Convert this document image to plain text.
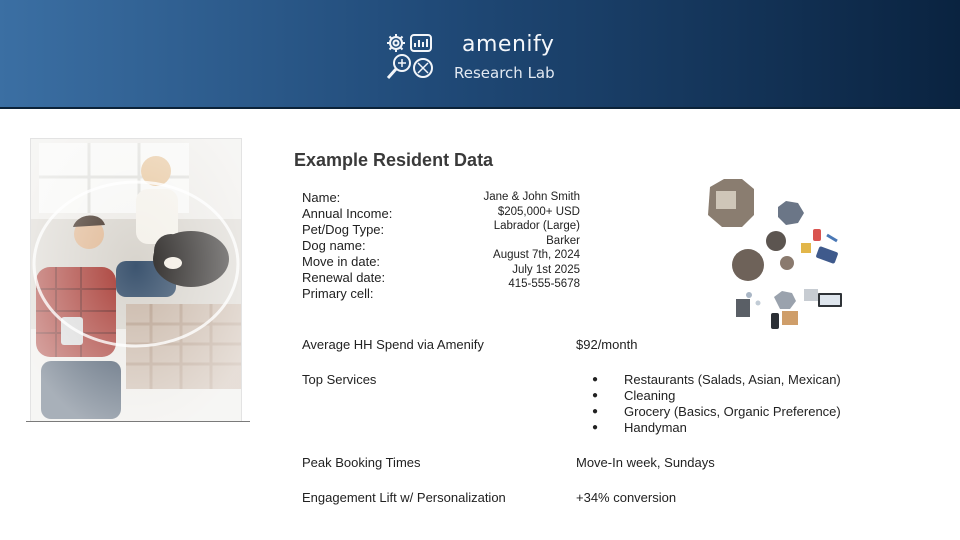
amenify
Research Lab
Example Resident Data
Name:
Annual Income:
Pet/Dog Type:
Dog name:
Move in date:
Renewal date:
Primary cell:
Jane & John Smith
$205,000+ USD
Labrador (Large)
Barker
August 7th, 2024
July 1st 2025
415-555-5678
Average HH Spend via Amenify	$92/month
Top Services
●	Restaurants (Salads, Asian, Mexican)
● Cleaning
● Grocery (Basics, Organic Preference)
● Handyman
Peak Booking Times	Move-In week, Sundays
Engagement Lift w/ Personalization	+34% conversion
